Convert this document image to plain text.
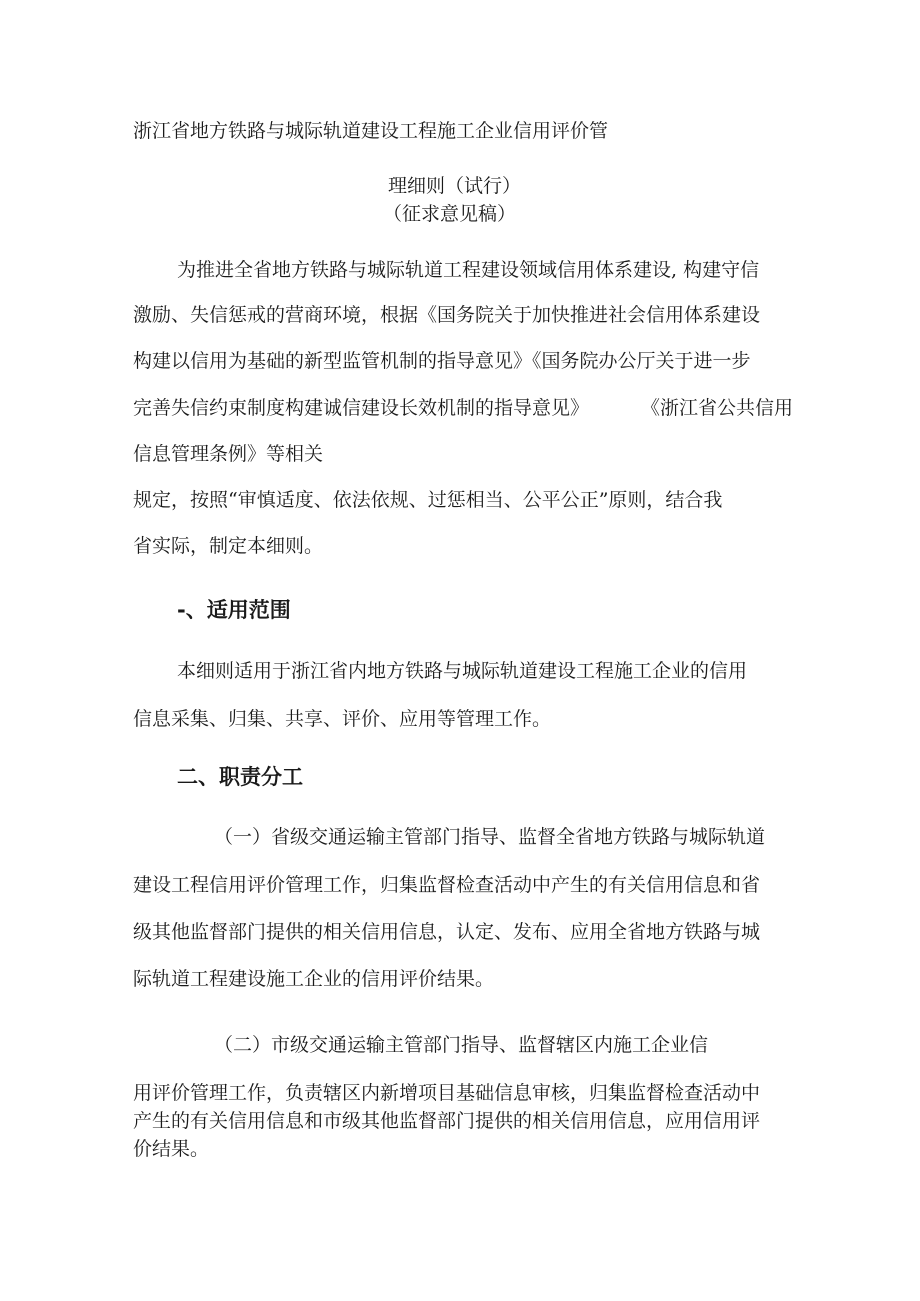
浙江省地方铁路与城际轨道建设工程施工企业信用评价管
理细则（试行）
（征求意见稿）
为推进全省地方铁路与城际轨道工程建设领域信用体系建设, 构建守信
激励、失信惩戒的营商环境，根据《国务院关于加快推进社会信用体系建设
构建以信用为基础的新型监管机制的指导意见》《国务院办公厅关于进一步
完善失信约束制度构建诚信建设长效机制的指导意见》	《浙江省公共信用
信息管理条例》等相关
规定，按照“审慎适度、依法依规、过惩相当、公平公正”原则，结合我
省实际，制定本细则。
-、适用范围
本细则适用于浙江省内地方铁路与城际轨道建设工程施工企业的信用
信息采集、归集、共享、评价、应用等管理工作。
二、职责分工
（一）省级交通运输主管部门指导、监督全省地方铁路与城际轨道
建设工程信用评价管理工作，归集监督检查活动中产生的有关信用信息和省
级其他监督部门提供的相关信用信息，认定、发布、应用全省地方铁路与城
际轨道工程建设施工企业的信用评价结果。
（二）市级交通运输主管部门指导、监督辖区内施工企业信
用评价管理工作，负责辖区内新增项目基础信息审核，归集监督检查活动中
产生的有关信用信息和市级其他监督部门提供的相关信用信息，应用信用评
价结果。
